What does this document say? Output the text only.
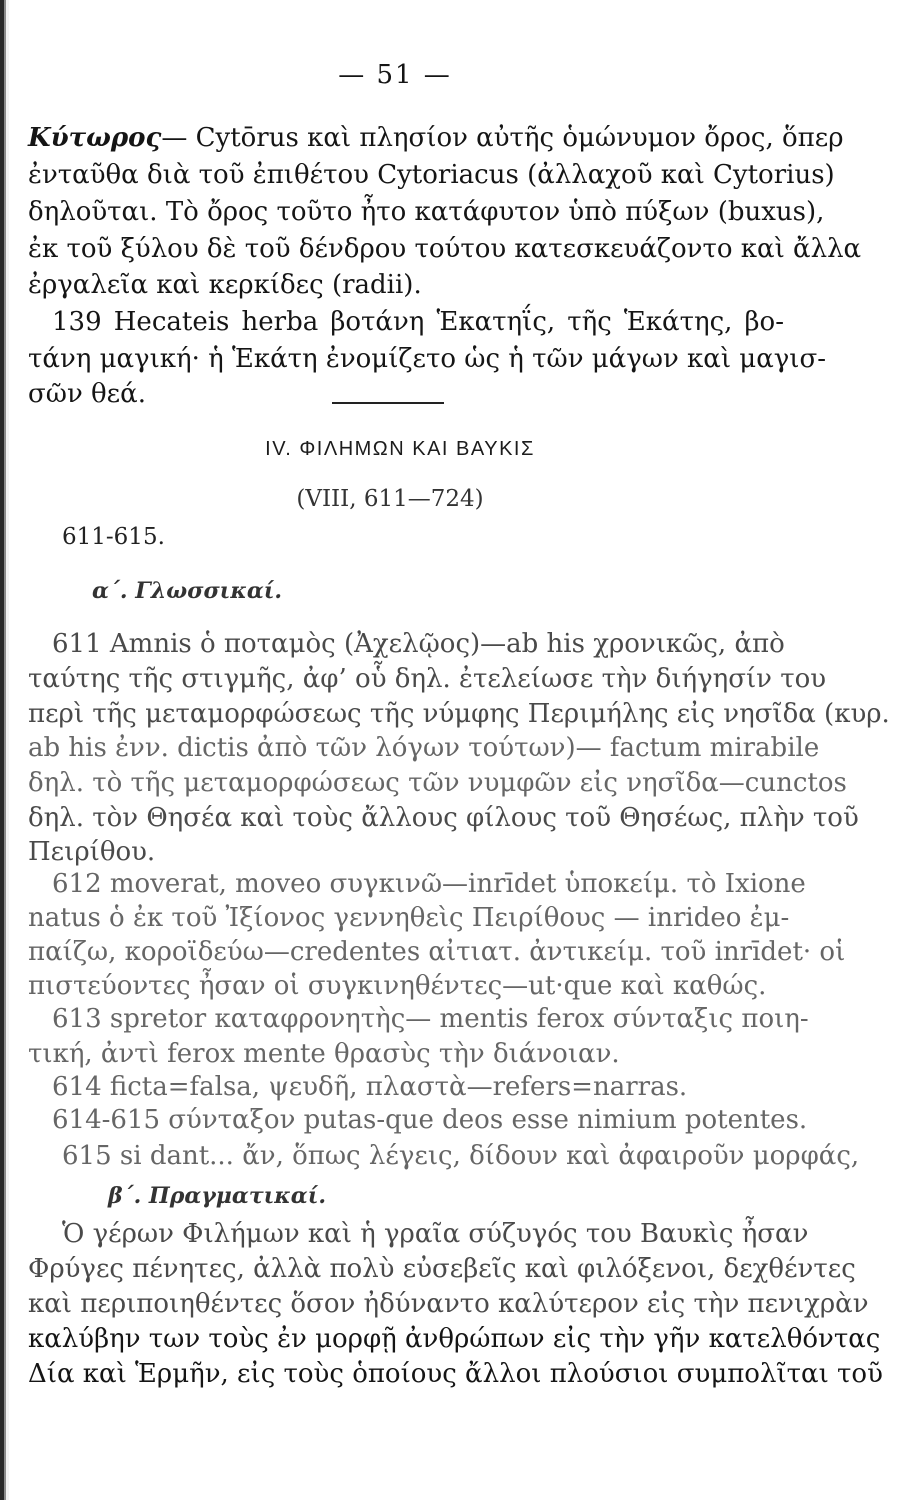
— 51 —
Κύτωρος— Cytōrus καὶ πλησίον αὐτῆς ὁμώνυμον ὄρος, ὅπερ
ἐνταῦθα διὰ τοῦ ἐπιθέτου Cytoriacus (ἀλλαχοῦ καὶ Cytorius)
δηλοῦται. Τὸ ὄρος τοῦτο ἦτο κατάφυτον ὑπὸ πύξων (buxus),
ἐκ τοῦ ξύλου δὲ τοῦ δένδρου τούτου κατεσκευάζοντο καὶ ἄλλα
ἐργαλεῖα καὶ κερκίδες (radii).
139 Hecateis herba βοτάνη Ἑκατηΐς, τῆς Ἑκάτης, βο-
τάνη μαγική· ἡ Ἑκάτη ἐνομίζετο ὡς ἡ τῶν μάγων καὶ μαγισ-
σῶν θεά.
IV. ΦΙΛΗΜΩΝ ΚΑΙ ΒΑΥΚΙΣ
(VIII, 611—724)
611-615.
α΄. Γλωσσικαί.
611 Amnis ὁ ποταμὸς (Ἀχελῷος)—ab his χρονικῶς, ἀπὸ
ταύτης τῆς στιγμῆς, ἀφ’ οὗ δηλ. ἐτελείωσε τὴν διήγησίν του
περὶ τῆς μεταμορφώσεως τῆς νύμφης Περιμήλης εἰς νησῖδα (κυρ.
ab his ἐνν. dictis ἀπὸ τῶν λόγων τούτων)— factum mirabile
δηλ. τὸ τῆς μεταμορφώσεως τῶν νυμφῶν εἰς νησῖδα—cunctos
δηλ. τὸν Θησέα καὶ τοὺς ἄλλους φίλους τοῦ Θησέως, πλὴν τοῦ
Πειρίθου.
612 moverat, moveo συγκινῶ—inrīdet ὑποκείμ. τὸ Ixione
natus ὁ ἐκ τοῦ Ἰξίονος γεννηθεὶς Πειρίθους — inrideo ἐμ-
παίζω, κοροϊδεύω—credentes αἰτιατ. ἀντικείμ. τοῦ inrīdet· οἱ
πιστεύοντες ἦσαν οἱ συγκινηθέντες—ut·que καὶ καθώς.
613 spretor καταφρονητὴς— mentis ferox σύνταξις ποιη-
τική, ἀντὶ ferox mente θρασὺς τὴν διάνοιαν.
614 ficta=falsa, ψευδῆ, πλαστὰ—refers=narras.
614-615 σύνταξον putas-que deos esse nimium potentes.
615 si dant... ἄν, ὅπως λέγεις, δίδουν καὶ ἀφαιροῦν μορφάς,
β΄. Πραγματικαί.
Ὁ γέρων Φιλήμων καὶ ἡ γραῖα σύζυγός του Βαυκὶς ἦσαν
Φρύγες πένητες, ἀλλὰ πολὺ εὐσεβεῖς καὶ φιλόξενοι, δεχθέντες
καὶ περιποιηθέντες ὅσον ἠδύναντο καλύτερον εἰς τὴν πενιχρὰν
καλύβην των τοὺς ἐν μορφῇ ἀνθρώπων εἰς τὴν γῆν κατελθόντας
Δία καὶ Ἑρμῆν, εἰς τοὺς ὁποίους ἄλλοι πλούσιοι συμπολῖται τοῦ
